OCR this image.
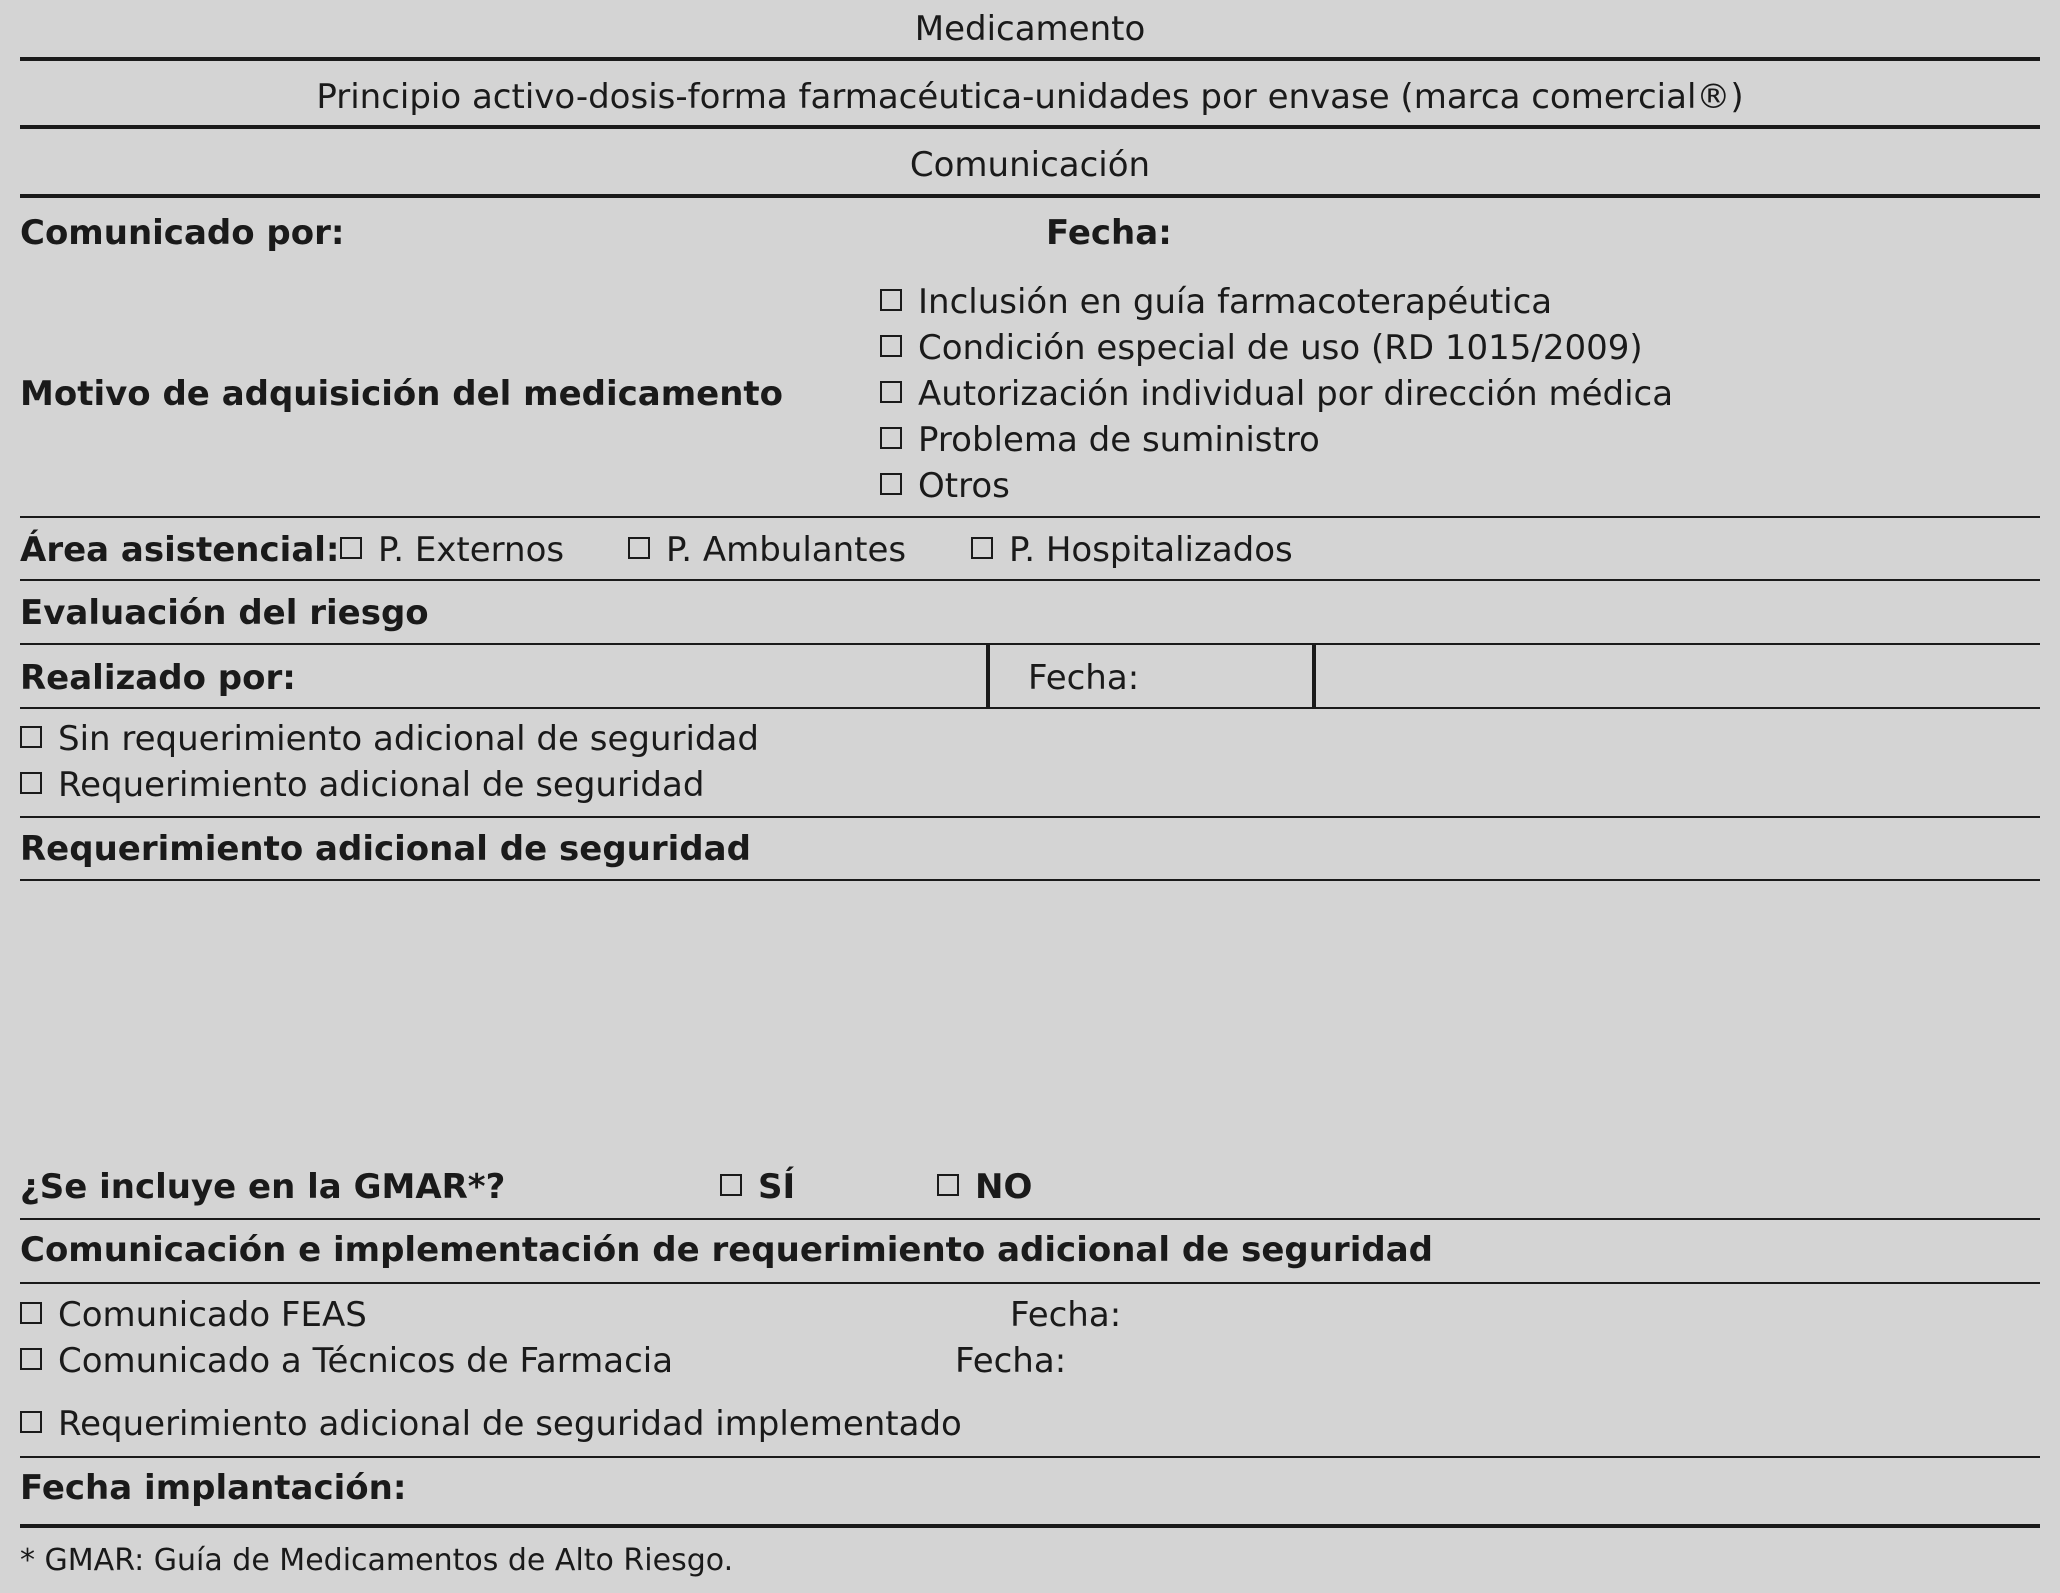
Medicamento
Principio activo-dosis-forma farmacéutica-unidades por envase (marca comercial®)
Comunicación
Comunicado por:	Fecha:
Motivo de adquisición del medicamento
Inclusión en guía farmacoterapéutica
Condición especial de uso (RD 1015/2009)
Autorización individual por dirección médica
Problema de suministro
Otros
Área asistencial:	P. Externos	P. Ambulantes	P. Hospitalizados
Evaluación del riesgo
Realizado por:	Fecha:
Sin requerimiento adicional de seguridad
Requerimiento adicional de seguridad
Requerimiento adicional de seguridad
¿Se incluye en la GMAR*?	SÍ	NO
Comunicación e implementación de requerimiento adicional de seguridad
Comunicado FEAS	Fecha:
Comunicado a Técnicos de Farmacia	Fecha:
Requerimiento adicional de seguridad implementado
Fecha implantación:
* GMAR: Guía de Medicamentos de Alto Riesgo.
